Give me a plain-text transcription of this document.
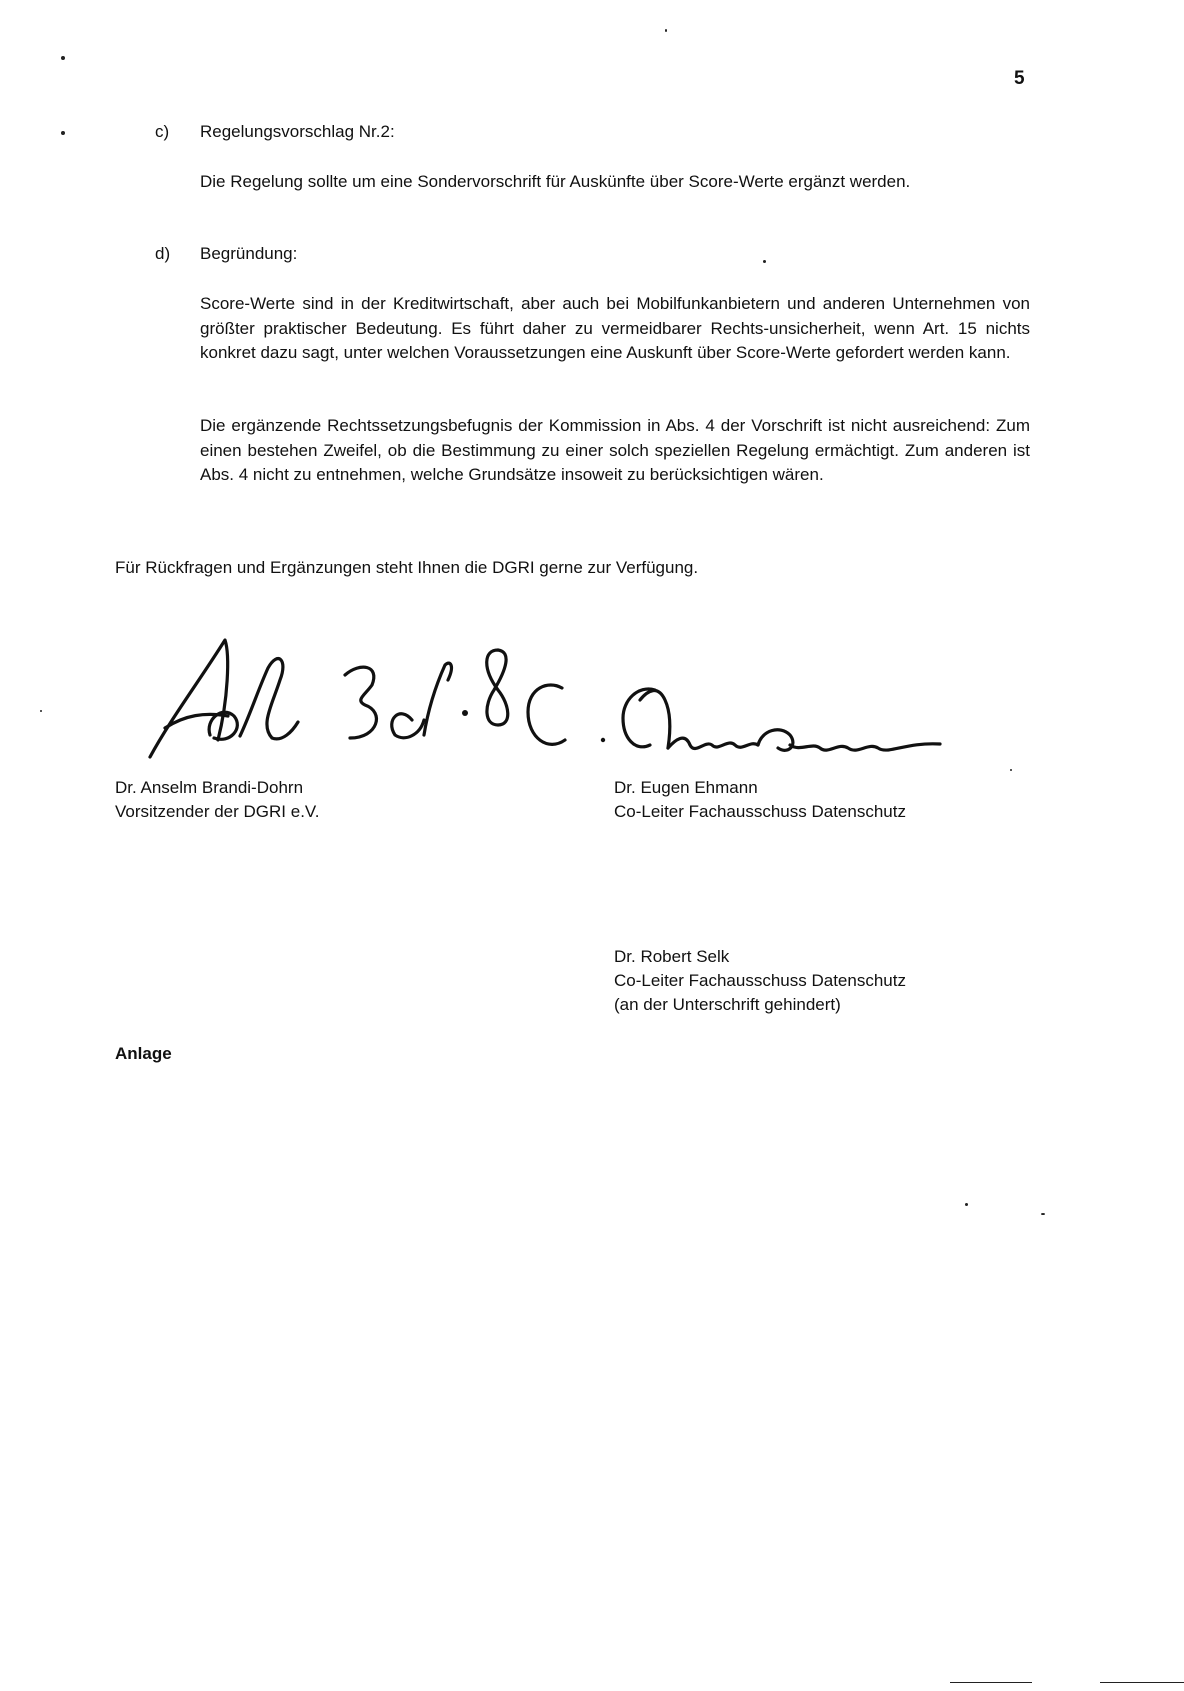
5
c) Regelungsvorschlag Nr.2:
Die Regelung sollte um eine Sondervorschrift für Auskünfte über Score-Werte ergänzt werden.
d) Begründung:
Score-Werte sind in der Kreditwirtschaft, aber auch bei Mobilfunkanbietern und anderen Unternehmen von größter praktischer Bedeutung. Es führt daher zu vermeidbarer Rechts-unsicherheit, wenn Art. 15 nichts konkret dazu sagt, unter welchen Voraussetzungen eine Auskunft über Score-Werte gefordert werden kann.
Die ergänzende Rechtssetzungsbefugnis der Kommission in Abs. 4 der Vorschrift ist nicht ausreichend: Zum einen bestehen Zweifel, ob die Bestimmung zu einer solch speziellen Regelung ermächtigt. Zum anderen ist Abs. 4 nicht zu entnehmen, welche Grundsätze insoweit zu berücksichtigen wären.
Für Rückfragen und Ergänzungen steht Ihnen die DGRI gerne zur Verfügung.
Dr. Anselm Brandi-Dohrn
Vorsitzender der DGRI e.V.
Dr. Eugen Ehmann
Co-Leiter Fachausschuss Datenschutz
Dr. Robert Selk
Co-Leiter Fachausschuss Datenschutz
(an der Unterschrift gehindert)
Anlage
